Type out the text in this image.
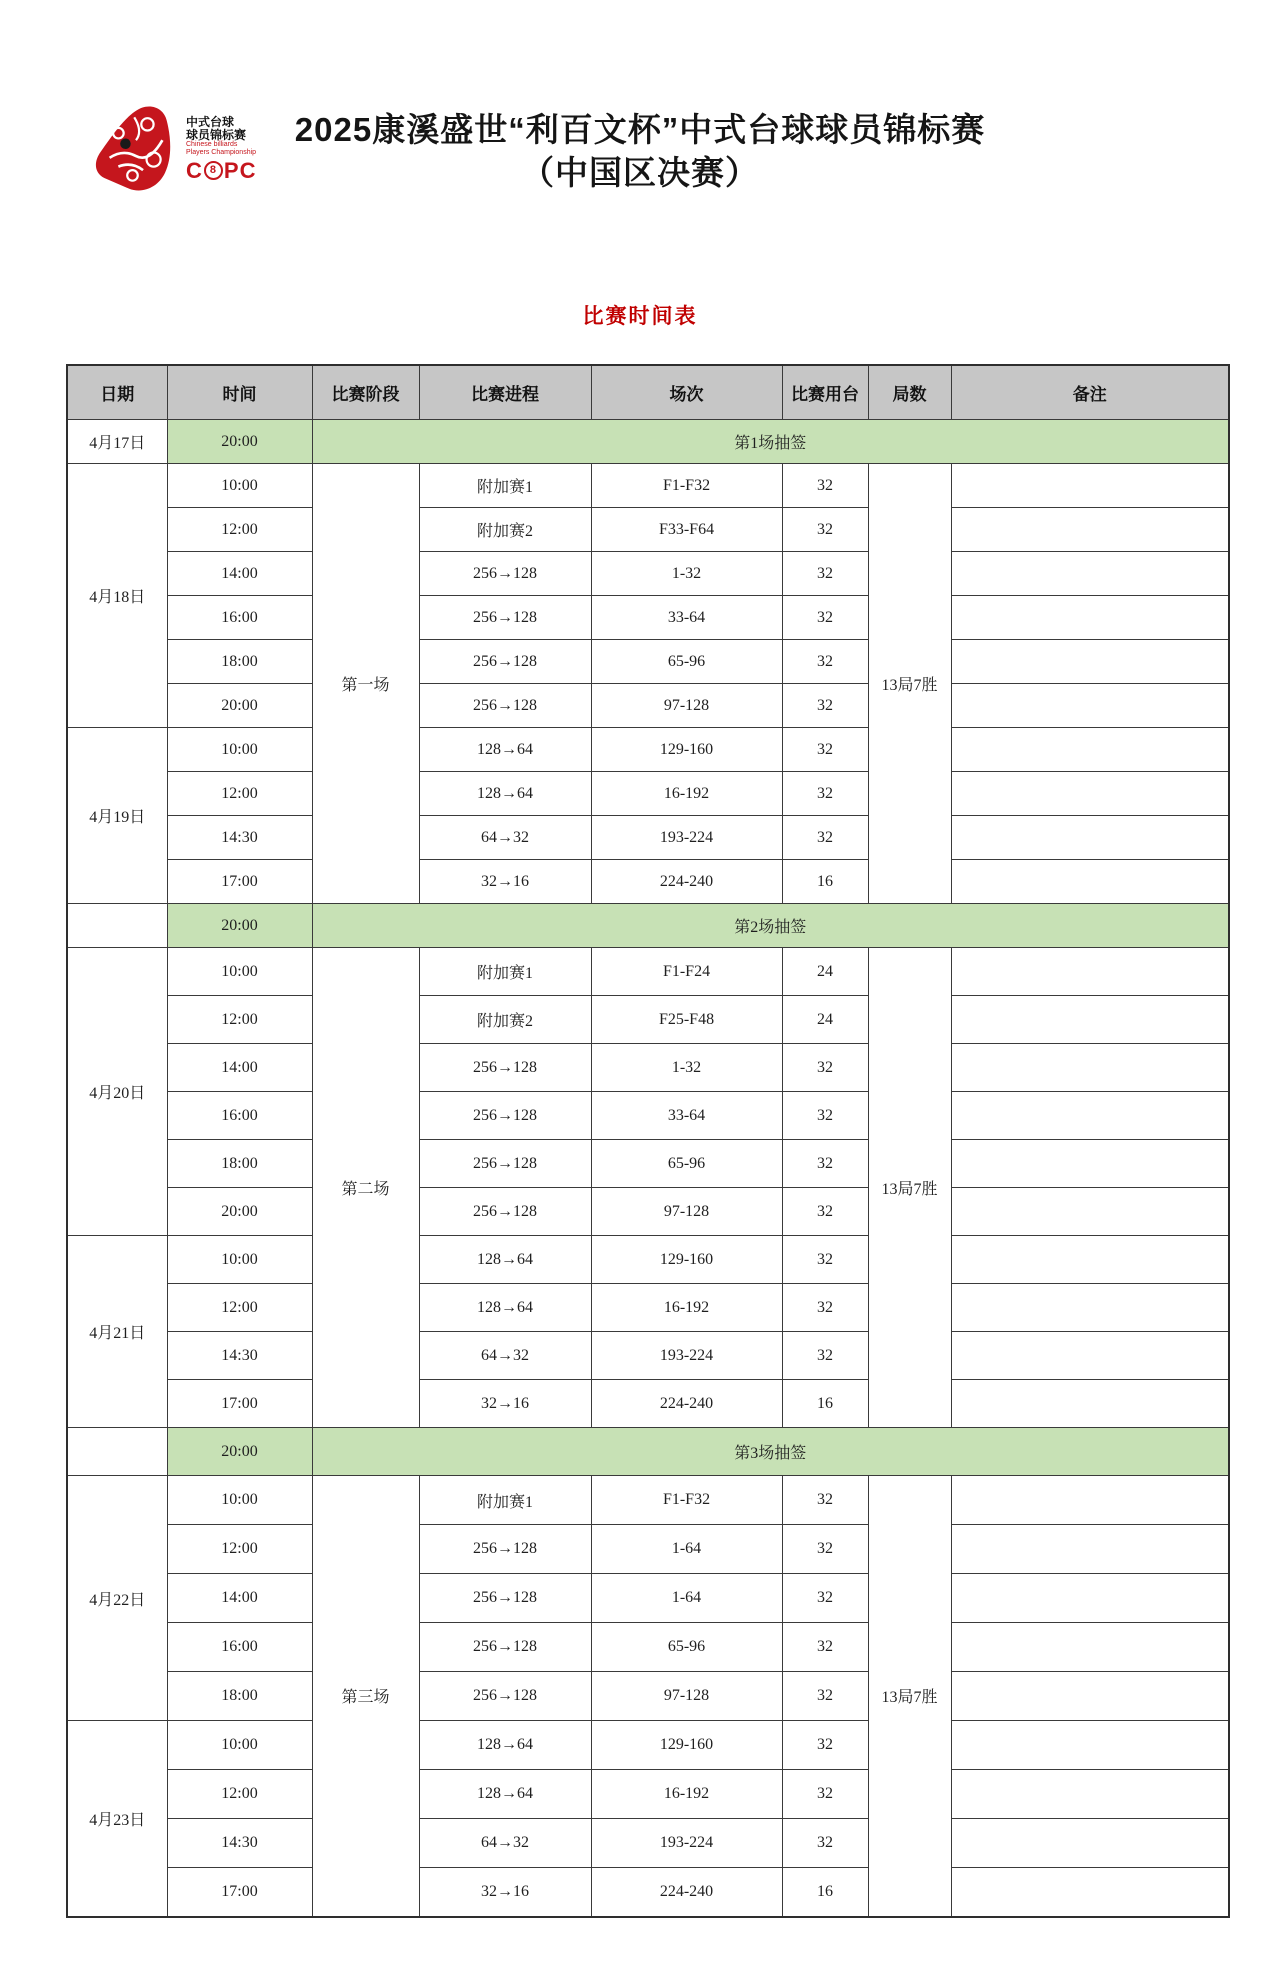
中式台球
球员锦标赛
Chinese billiards
Players Championship
C 8 PC
2025康溪盛世“利百文杯”中式台球球员锦标赛
（中国区决赛）
比赛时间表
日期	时间	比赛阶段	比赛进程	场次	比赛用台	局数	备注
4月17日	20:00	第1场抽签					
4月18日	10:00	第一场	附加赛1	F1-F32	32	13局7胜	
	12:00		附加赛2	F33-F64	32		
	14:00		256→128	1-32	32		
	16:00		256→128	33-64	32		
	18:00		256→128	65-96	32		
	20:00		256→128	97-128	32		
4月19日	10:00		128→64	129-160	32		
	12:00		128→64	16-192	32		
	14:30		64→32	193-224	32		
	17:00		32→16	224-240	16		
	20:00	第2场抽签					
4月20日	10:00	第二场	附加赛1	F1-F24	24	13局7胜	
	12:00		附加赛2	F25-F48	24		
	14:00		256→128	1-32	32		
	16:00		256→128	33-64	32		
	18:00		256→128	65-96	32		
	20:00		256→128	97-128	32		
4月21日	10:00		128→64	129-160	32		
	12:00		128→64	16-192	32		
	14:30		64→32	193-224	32		
	17:00		32→16	224-240	16		
	20:00	第3场抽签					
4月22日	10:00	第三场	附加赛1	F1-F32	32	13局7胜	
	12:00		256→128	1-64	32		
	14:00		256→128	1-64	32		
	16:00		256→128	65-96	32		
	18:00		256→128	97-128	32		
4月23日	10:00		128→64	129-160	32		
	12:00		128→64	16-192	32		
	14:30		64→32	193-224	32		
	17:00		32→16	224-240	16		
